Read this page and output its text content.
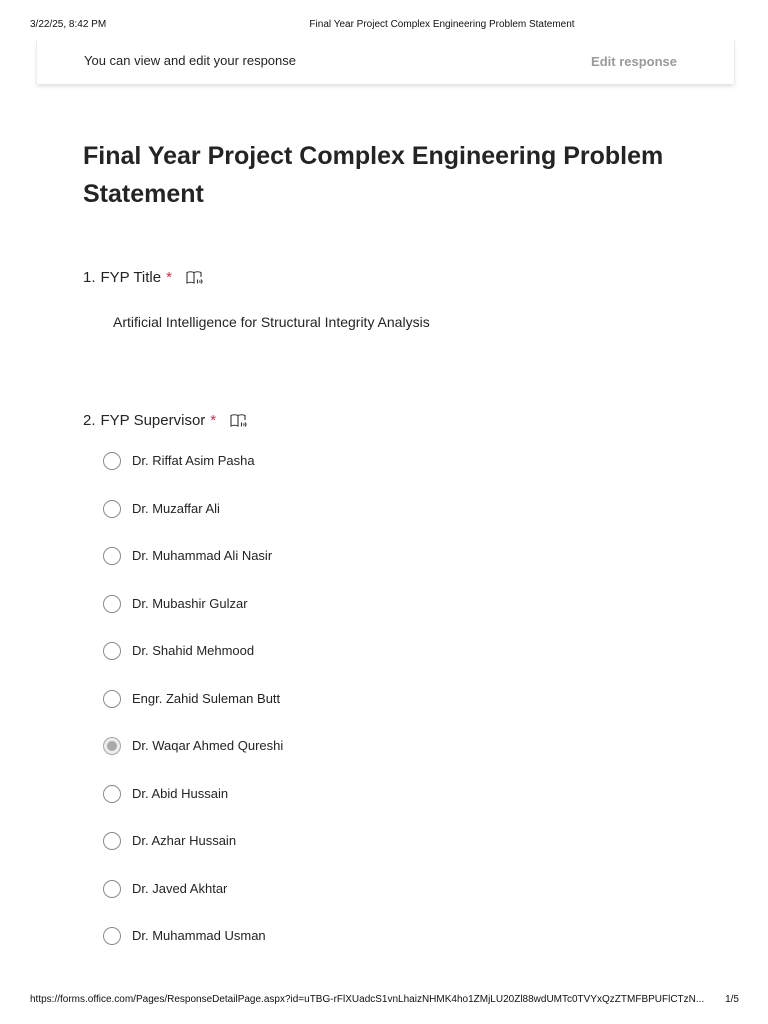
3/22/25, 8:42 PM	Final Year Project Complex Engineering Problem Statement
You can view and edit your response	Edit response
Final Year Project Complex Engineering Problem Statement
1. FYP Title *
Artificial Intelligence for Structural Integrity Analysis
2. FYP Supervisor *
Dr. Riffat Asim Pasha
Dr. Muzaffar Ali
Dr. Muhammad Ali Nasir
Dr. Mubashir Gulzar
Dr. Shahid Mehmood
Engr. Zahid Suleman Butt
Dr. Waqar Ahmed Qureshi
Dr. Abid Hussain
Dr. Azhar Hussain
Dr. Javed Akhtar
Dr. Muhammad Usman
https://forms.office.com/Pages/ResponseDetailPage.aspx?id=uTBG-rFlXUadcS1vnLhaizNHMK4ho1ZMjLU20Zl88wdUMTc0TVYxQzZTMFBPUFlCTzN... 1/5
